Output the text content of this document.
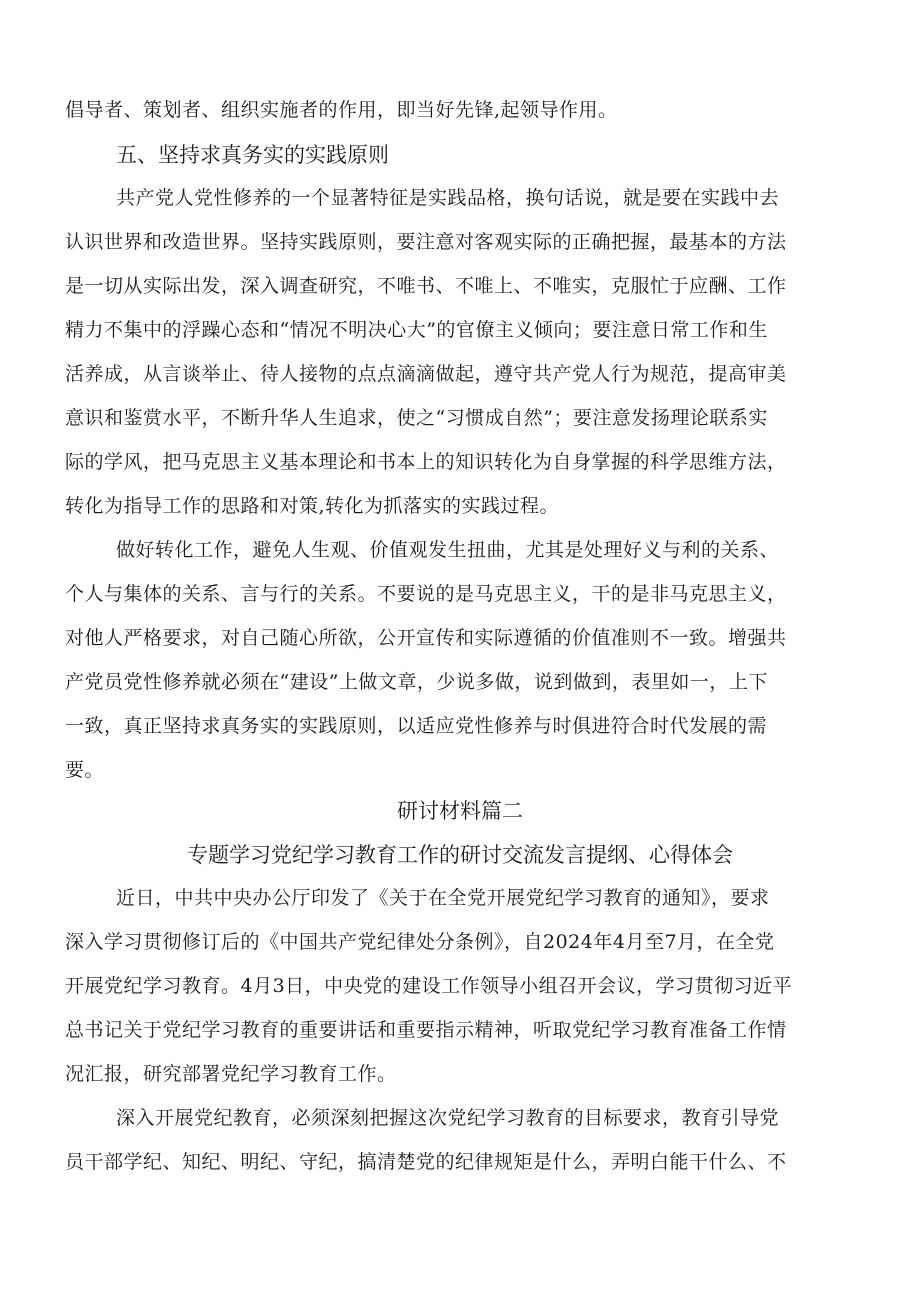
倡导者、策划者、组织实施者的作用，即当好先锋,起领导作用。
五、坚持求真务实的实践原则
共产党人党性修养的一个显著特征是实践品格，换句话说，就是要在实践中去
认识世界和改造世界。坚持实践原则，要注意对客观实际的正确把握，最基本的方法
是一切从实际出发，深入调查研究，不唯书、不唯上、不唯实，克服忙于应酬、工作
精力不集中的浮躁心态和“情况不明决心大”的官僚主义倾向；要注意日常工作和生
活养成，从言谈举止、待人接物的点点滴滴做起，遵守共产党人行为规范，提高审美
意识和鉴赏水平，不断升华人生追求，使之“习惯成自然”；要注意发扬理论联系实
际的学风，把马克思主义基本理论和书本上的知识转化为自身掌握的科学思维方法，
转化为指导工作的思路和对策,转化为抓落实的实践过程。
做好转化工作，避免人生观、价值观发生扭曲，尤其是处理好义与利的关系、
个人与集体的关系、言与行的关系。不要说的是马克思主义，干的是非马克思主义，
对他人严格要求，对自己随心所欲，公开宣传和实际遵循的价值准则不一致。增强共
产党员党性修养就必须在“建设”上做文章，少说多做，说到做到，表里如一，上下
一致，真正坚持求真务实的实践原则，以适应党性修养与时俱进符合时代发展的需
要。
研讨材料篇二
专题学习党纪学习教育工作的研讨交流发言提纲、心得体会
近日，中共中央办公厅印发了《关于在全党开展党纪学习教育的通知》，要求
深入学习贯彻修订后的《中国共产党纪律处分条例》，自2024年4月至7月，在全党
开展党纪学习教育。4月3日，中央党的建设工作领导小组召开会议，学习贯彻习近平
总书记关于党纪学习教育的重要讲话和重要指示精神，听取党纪学习教育准备工作情
况汇报，研究部署党纪学习教育工作。
深入开展党纪教育，必须深刻把握这次党纪学习教育的目标要求，教育引导党
员干部学纪、知纪、明纪、守纪，搞清楚党的纪律规矩是什么，弄明白能干什么、不
